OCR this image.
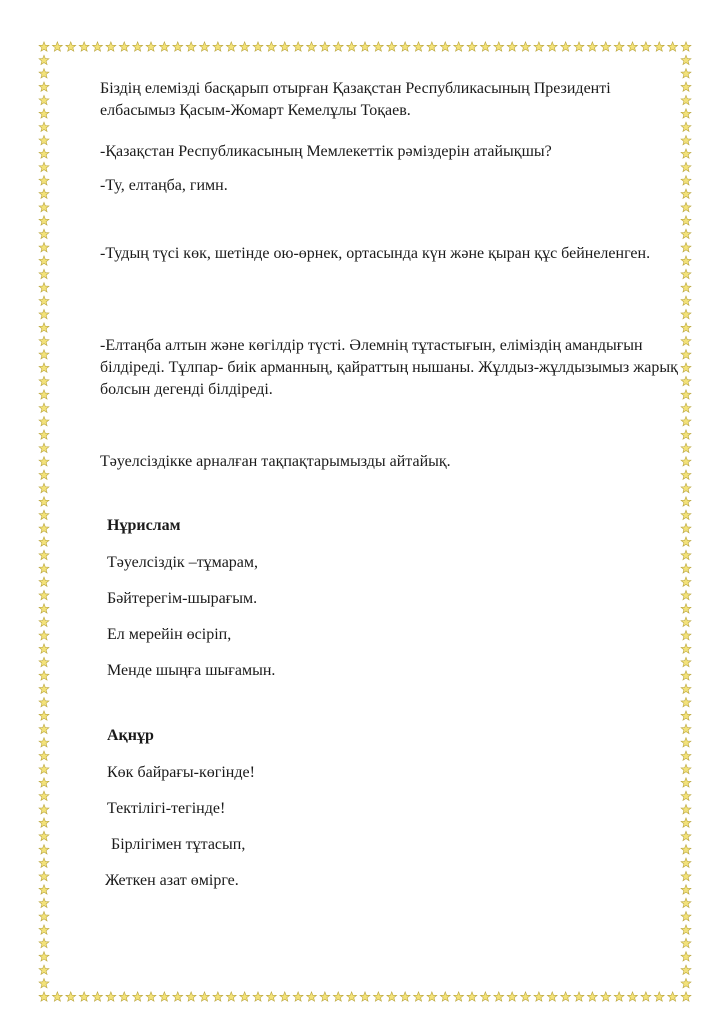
Біздің елемізді басқарып отырған Қазақстан Республикасының Президенті елбасымыз Қасым-Жомарт Кемелұлы Тоқаев.

-Қазақстан Республикасының Мемлекеттік рәміздерін атайықшы?

-Ту, елтаңба, гимн.

-Тудың түсі көк, шетінде ою-өрнек, ортасында күн және қыран құс бейнеленген.

-Елтаңба алтын және көгілдір түсті. Әлемнің тұтастығын, еліміздің амандығын білдіреді. Тұлпар- биік арманның, қайраттың нышаны. Жұлдыз-жұлдызымыз жарық болсын дегенді білдіреді.

Тәуелсіздікке арналған тақпақтарымызды айтайық.

Нұрислам

Тәуелсіздік –тұмарам,

Бәйтерегім-шырағым.

Ел мерейін өсіріп,

Менде шыңға шығамын.

Ақнұр

Көк байрағы-көгінде!

Тектілігі-тегінде!

Бірлігімен тұтасып,

Жеткен азат өмірге.
